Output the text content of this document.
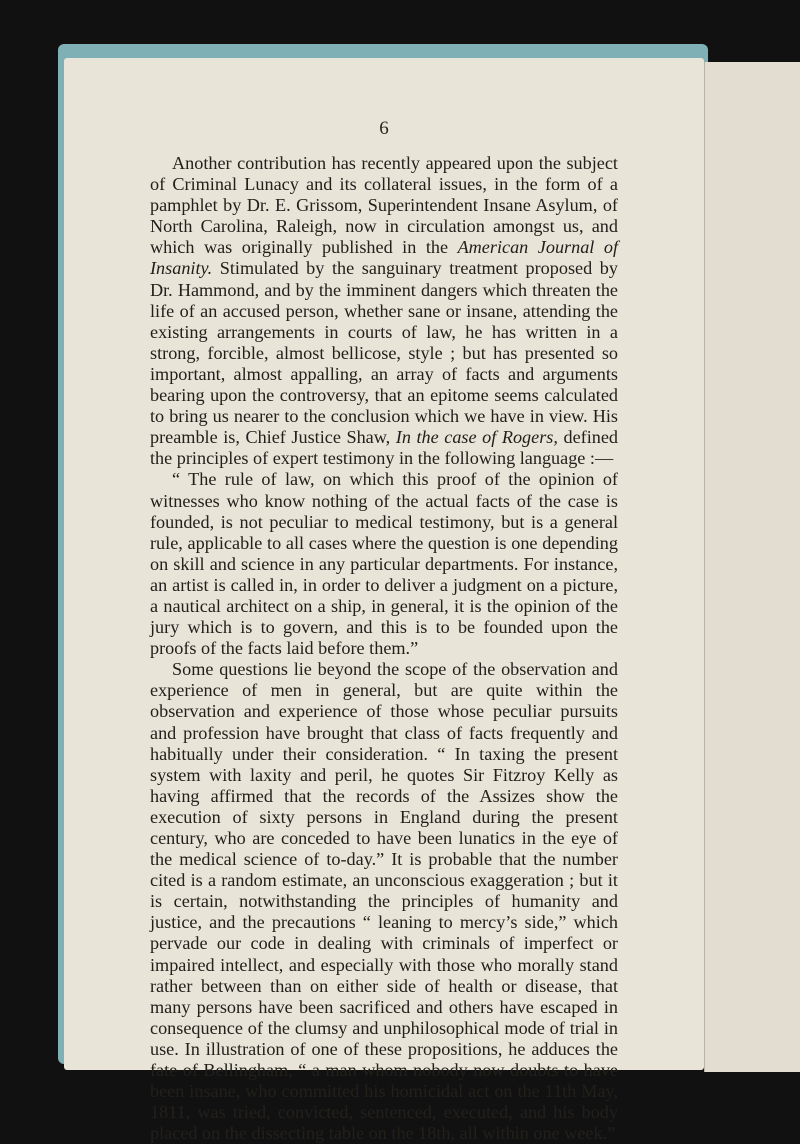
6

Another contribution has recently appeared upon the subject of Criminal Lunacy and its collateral issues, in the form of a pamphlet by Dr. E. Grissom, Superintendent Insane Asylum, of North Carolina, Raleigh, now in circulation amongst us, and which was originally published in the American Journal of Insanity. Stimulated by the sanguinary treatment proposed by Dr. Hammond, and by the imminent dangers which threaten the life of an accused person, whether sane or insane, attending the existing arrangements in courts of law, he has written in a strong, forcible, almost bellicose, style ; but has presented so important, almost appalling, an array of facts and arguments bearing upon the controversy, that an epitome seems calculated to bring us nearer to the conclusion which we have in view. His preamble is, Chief Justice Shaw, In the case of Rogers, defined the principles of expert testimony in the following language :—

“ The rule of law, on which this proof of the opinion of witnesses who know nothing of the actual facts of the case is founded, is not peculiar to medical testimony, but is a general rule, applicable to all cases where the question is one depending on skill and science in any particular departments. For instance, an artist is called in, in order to deliver a judgment on a picture, a nautical architect on a ship, in general, it is the opinion of the jury which is to govern, and this is to be founded upon the proofs of the facts laid before them.”

Some questions lie beyond the scope of the observation and experience of men in general, but are quite within the observation and experience of those whose peculiar pursuits and profession have brought that class of facts frequently and habitually under their consideration. “ In taxing the present system with laxity and peril, he quotes Sir Fitzroy Kelly as having affirmed that the records of the Assizes show the execution of sixty persons in England during the present century, who are conceded to have been lunatics in the eye of the medical science of to-day.” It is probable that the number cited is a random estimate, an unconscious exaggeration ; but it is certain, notwithstanding the principles of humanity and justice, and the precautions “ leaning to mercy’s side,” which pervade our code in dealing with criminals of imperfect or impaired intellect, and especially with those who morally stand rather between than on either side of health or disease, that many persons have been sacrificed and others have escaped in consequence of the clumsy and unphilosophical mode of trial in use. In illustration of one of these propositions, he adduces the fate of Bellingham, “ a man whom nobody now doubts to have been insane, who committed his homicidal act on the 11th May, 1811, was tried, convicted, sentenced, executed, and his body placed on the dissecting table on the 18th, all within one week.”
